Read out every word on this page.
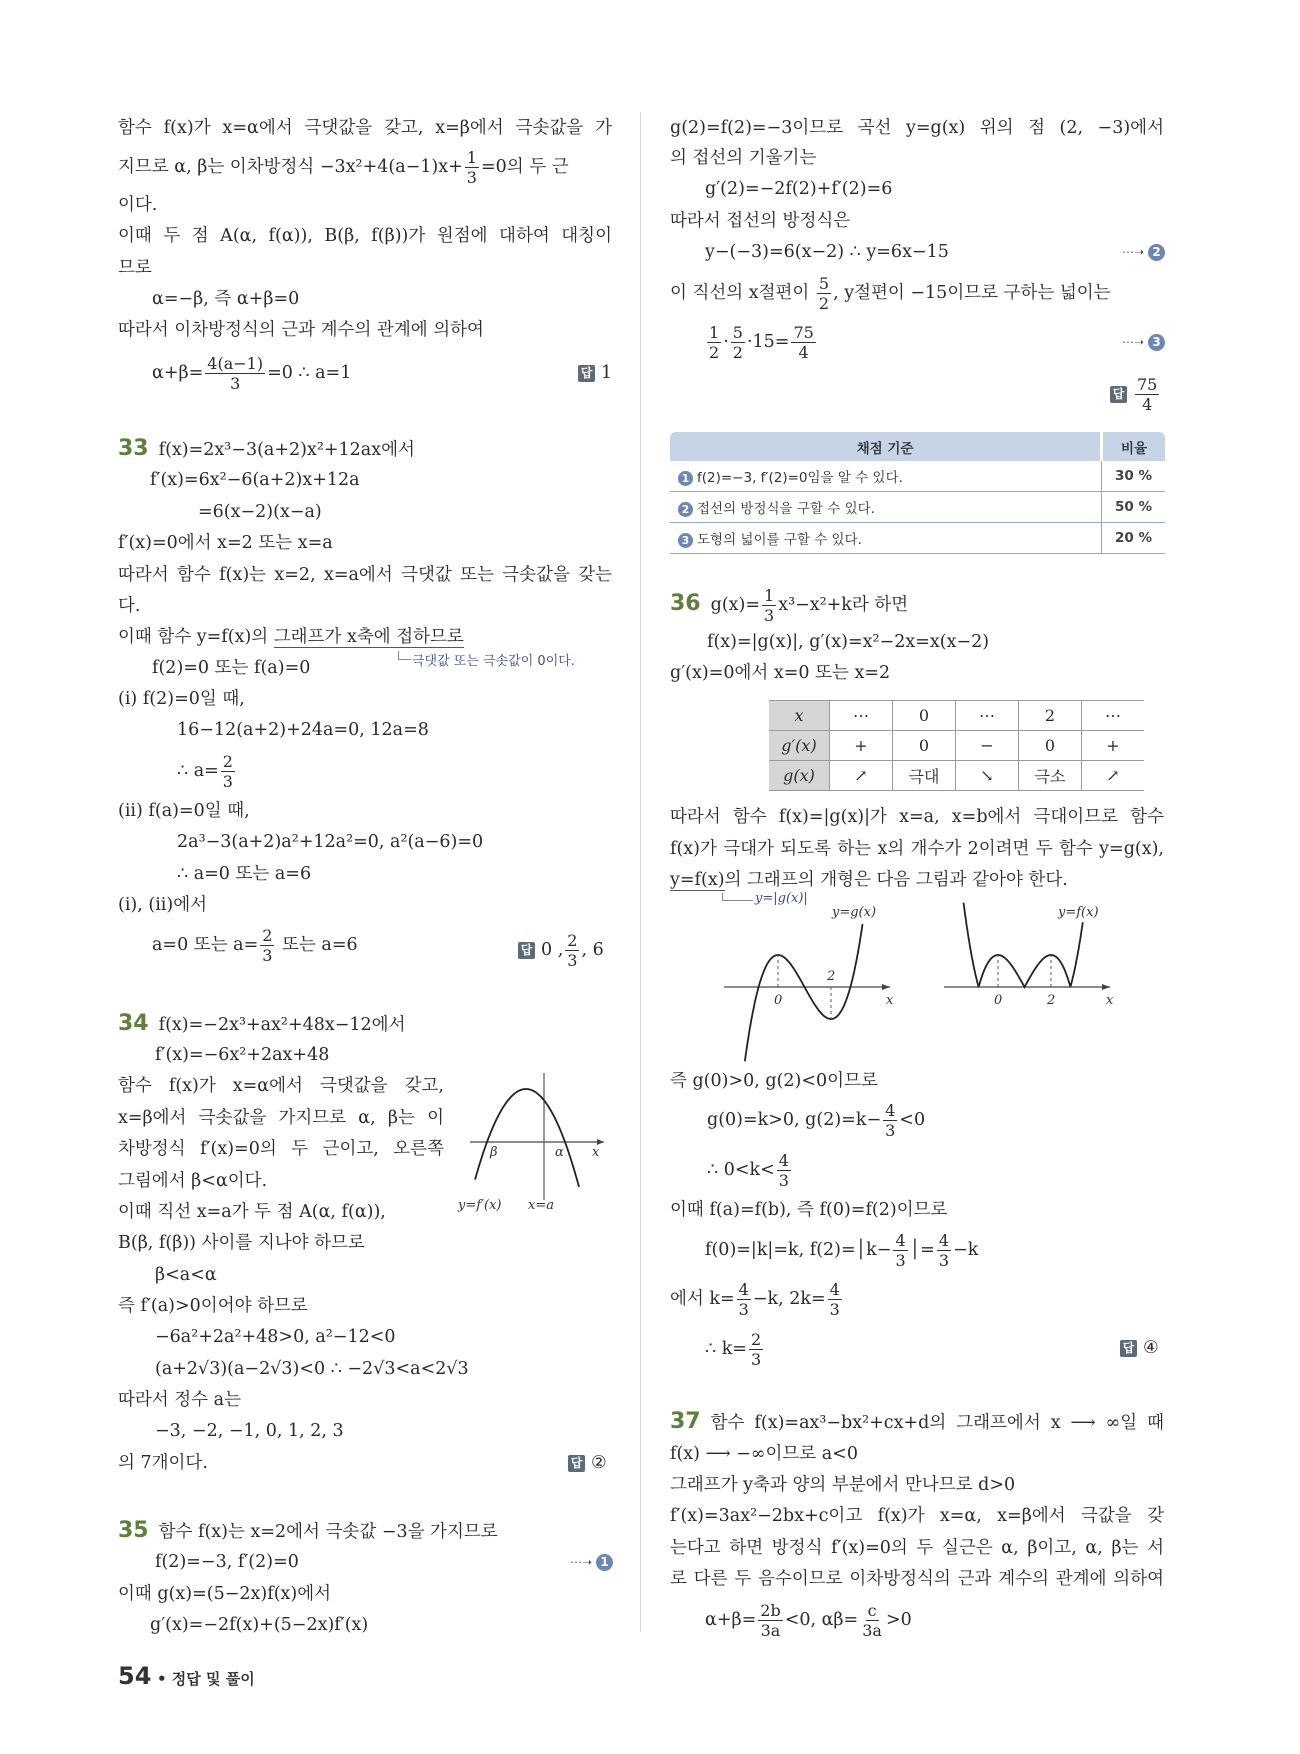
함수 f(x)가 x=α에서 극댓값을 갖고, x=β에서 극솟값을 가
지므로 α, β는 이차방정식 $-3x^2+4(a-1)x+ \frac{1}{3} =0$의 두 근
이다.
이때 두 점 A(α, f(α)), B(β, f(β))가 원점에 대하여 대칭이
므로
α=−β, 즉 α+β=0
따라서 이차방정식의 근과 계수의 관계에 의하여
$\alpha+\beta= \frac{4(a-1)}{3} =0$ ∴ a=1	답 1
33 f(x)=2x³−3(a+2)x²+12ax에서
f′(x)=6x²−6(a+2)x+12a
=6(x−2)(x−a)
f′(x)=0에서 x=2 또는 x=a
따라서 함수 f(x)는 x=2, x=a에서 극댓값 또는 극솟값을 갖는
다.
이때 함수 y=f(x)의 그래프가 x축에 접하므로
극댓값 또는 극솟값이 0이다.
f(2)=0 또는 f(a)=0
(i) f(2)=0일 때,
16−12(a+2)+24a=0, 12a=8
∴ $a= \frac{2}{3}$
(ii) f(a)=0일 때,
2a³−3(a+2)a²+12a²=0, a²(a−6)=0
∴ a=0 또는 a=6
(i), (ii)에서
a=0 또는 $a= \frac{2}{3}$ 또는 a=6	답 0 , $\frac{2}{3}$ , 6
34 f(x)=−2x³+ax²+48x−12에서
f′(x)=−6x²+2ax+48
함수 f(x)가 x=α에서 극댓값을 갖고,
x=β에서 극솟값을 가지므로 α, β는 이
차방정식 f′(x)=0의 두 근이고, 오른쪽
그림에서 β<α이다.
이때 직선 x=a가 두 점 A(α, f(α)),
B(β, f(β)) 사이를 지나야 하므로
β<a<α
즉 f′(a)>0이어야 하므로
−6a²+2a²+48>0, a²−12<0
(a+2√3)(a−2√3)<0 ∴ −2√3<a<2√3
따라서 정수 a는
−3, −2, −1, 0, 1, 2, 3
의 7개이다.	답 ②
35 함수 f(x)는 x=2에서 극솟값 −3을 가지므로
f(2)=−3, f′(2)=0	⋯➝ 1
이때 g(x)=(5−2x)f(x)에서
g′(x)=−2f(x)+(5−2x)f′(x)
54 • 정답 및 풀이
g(2)=f(2)=−3이므로 곡선 y=g(x) 위의 점 (2, −3)에서
의 접선의 기울기는
g′(2)=−2f(2)+f′(2)=6
따라서 접선의 방정식은
y−(−3)=6(x−2) ∴ y=6x−15	⋯➝ 2
이 직선의 x절편이 $\frac{5}{2}$ , y절편이 −15이므로 구하는 넓이는
$\frac{1}{2} \cdot \frac{5}{2} \cdot 15= \frac{75}{4}$	⋯➝ 3
답 $\frac{75}{4}$
채점 기준	비율
1 f(2)=−3, f′(2)=0임을 알 수 있다.	30 %
2 접선의 방정식을 구할 수 있다.	50 %
3 도형의 넓이를 구할 수 있다.	20 %
36 $g(x)= \frac{1}{3} x^3-x^2+k$라 하면
f(x)=|g(x)|, g′(x)=x²−2x=x(x−2)
g′(x)=0에서 x=0 또는 x=2
x	⋯	0	⋯	2	⋯
g′(x)	+	0	−	0	+
g(x)	↗	극대	↘	극소	↗
따라서 함수 f(x)=|g(x)|가 x=a, x=b에서 극대이므로 함수
f(x)가 극대가 되도록 하는 x의 개수가 2이려면 두 함수 y=g(x),
y=f(x)의 그래프의 개형은 다음 그림과 같아야 한다.
y=|g(x)|
β	α x
y=f′(x) x=a
0
2
x
y=g(x)
0	2	x
y=f(x)
즉 g(0)>0, g(2)<0이므로
g(0)=k>0, $g(2)=k- \frac{4}{3} <0$
∴ $0<k< \frac{4}{3}$
이때 f(a)=f(b), 즉 f(0)=f(2)이므로
f(0)=|k|=k, f(2)=│k− $\frac{4}{3}$ │= $\frac{4}{3} -k$
에서 $k= \frac{4}{3} -k$, $2k= \frac{4}{3}$
∴ $k= \frac{2}{3}$	답 ④
37 함수 f(x)=ax³−bx²+cx+d의 그래프에서 x ⟶ ∞일 때
f(x) ⟶ −∞이므로 a<0
그래프가 y축과 양의 부분에서 만나므로 d>0
f′(x)=3ax²−2bx+c이고 f(x)가 x=α, x=β에서 극값을 갖
는다고 하면 방정식 f′(x)=0의 두 실근은 α, β이고, α, β는 서
로 다른 두 음수이므로 이차방정식의 근과 계수의 관계에 의하여
$\alpha+\beta= \frac{2b}{3a} <0$, $\alpha\beta= \frac{c}{3a} >0$
